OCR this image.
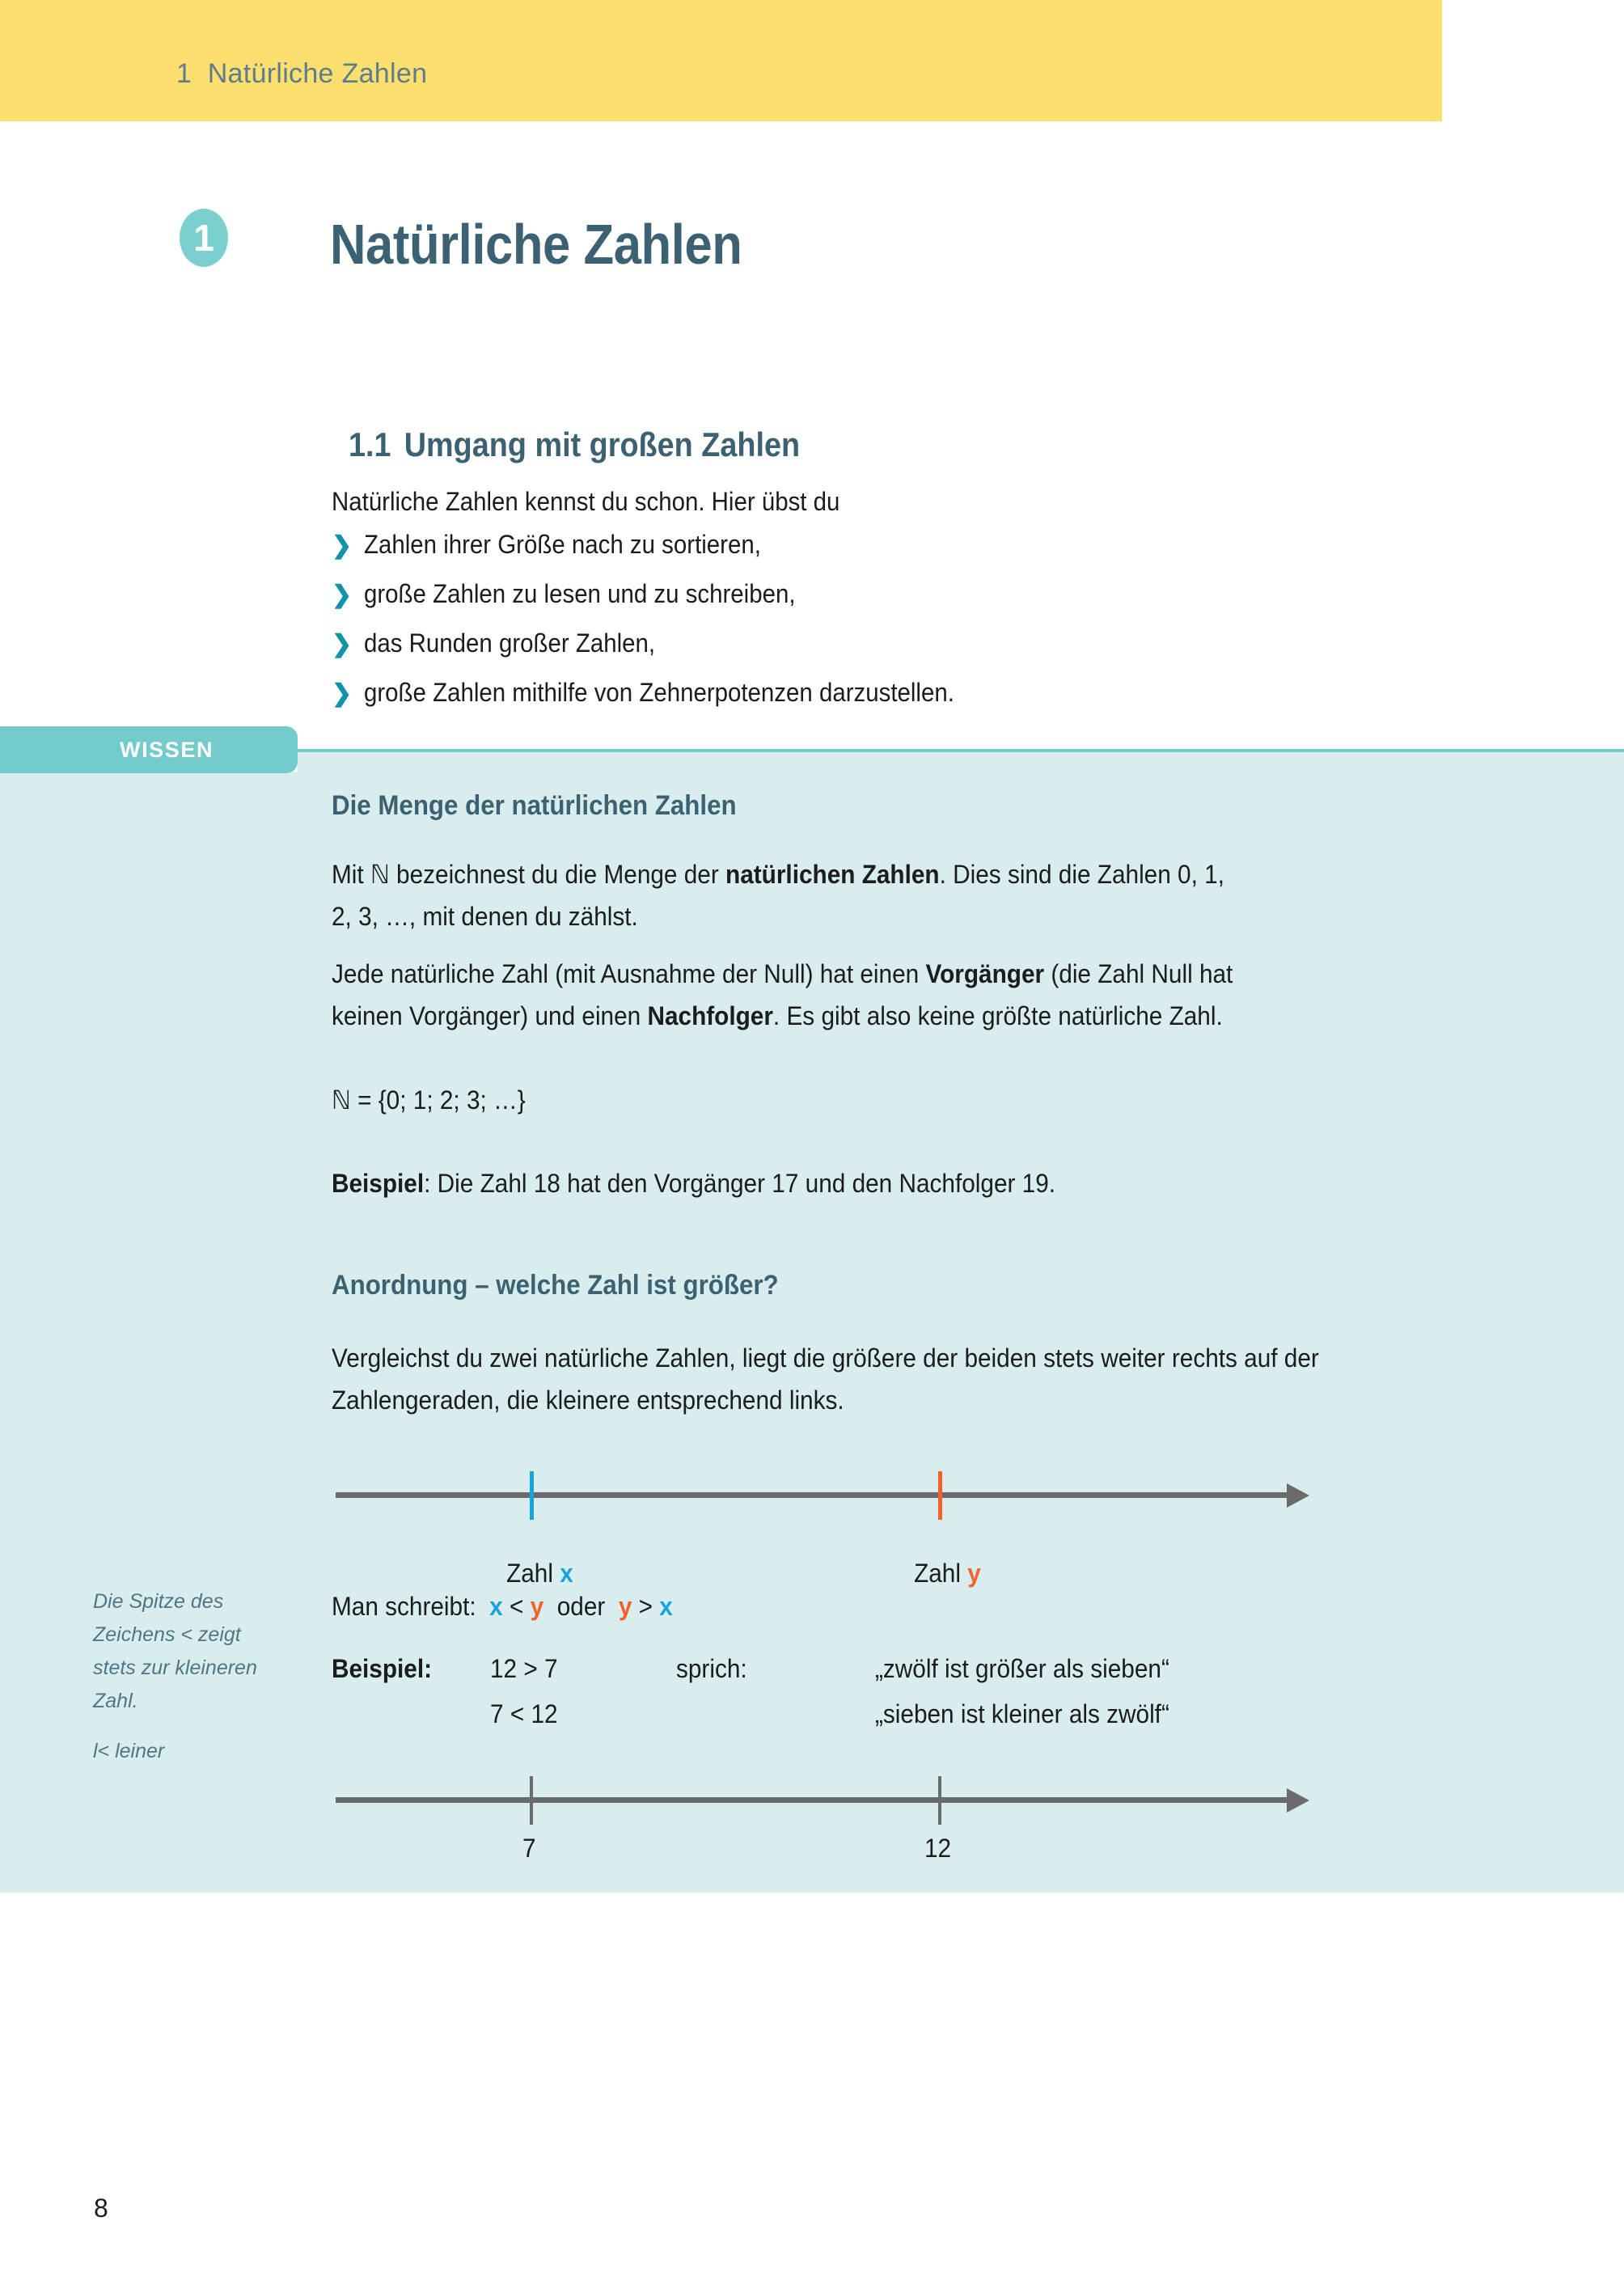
1  Natürliche Zahlen
1 Natürliche Zahlen

1.1 Umgang mit großen Zahlen

Natürliche Zahlen kennst du schon. Hier übst du
❯ Zahlen ihrer Größe nach zu sortieren,
❯ große Zahlen zu lesen und zu schreiben,
❯ das Runden großer Zahlen,
❯ große Zahlen mithilfe von Zehnerpotenzen darzustellen.
WISSEN
Die Menge der natürlichen Zahlen
Mit ℕ bezeichnest du die Menge der natürlichen Zahlen. Dies sind die Zahlen 0, 1, 2, 3, …, mit denen du zählst.
Jede natürliche Zahl (mit Ausnahme der Null) hat einen Vorgänger (die Zahl Null hat keinen Vorgänger) und einen Nachfolger. Es gibt also keine größte natürliche Zahl.
ℕ = {0; 1; 2; 3; …}
Beispiel: Die Zahl 18 hat den Vorgänger 17 und den Nachfolger 19.
Anordnung – welche Zahl ist größer?
Vergleichst du zwei natürliche Zahlen, liegt die größere der beiden stets weiter rechts auf der Zahlengeraden, die kleinere entsprechend links.

Zahl x
	Zahl y

Man schreibt: x < y oder y > x
Die Spitze des Zeichens < zeigt stets zur kleineren Zahl.
l< leiner
Beispiel: 12 > 7	sprich:	„zwölf ist größer als sieben“
7 < 12	„sieben ist kleiner als zwölf“
7	12
8
